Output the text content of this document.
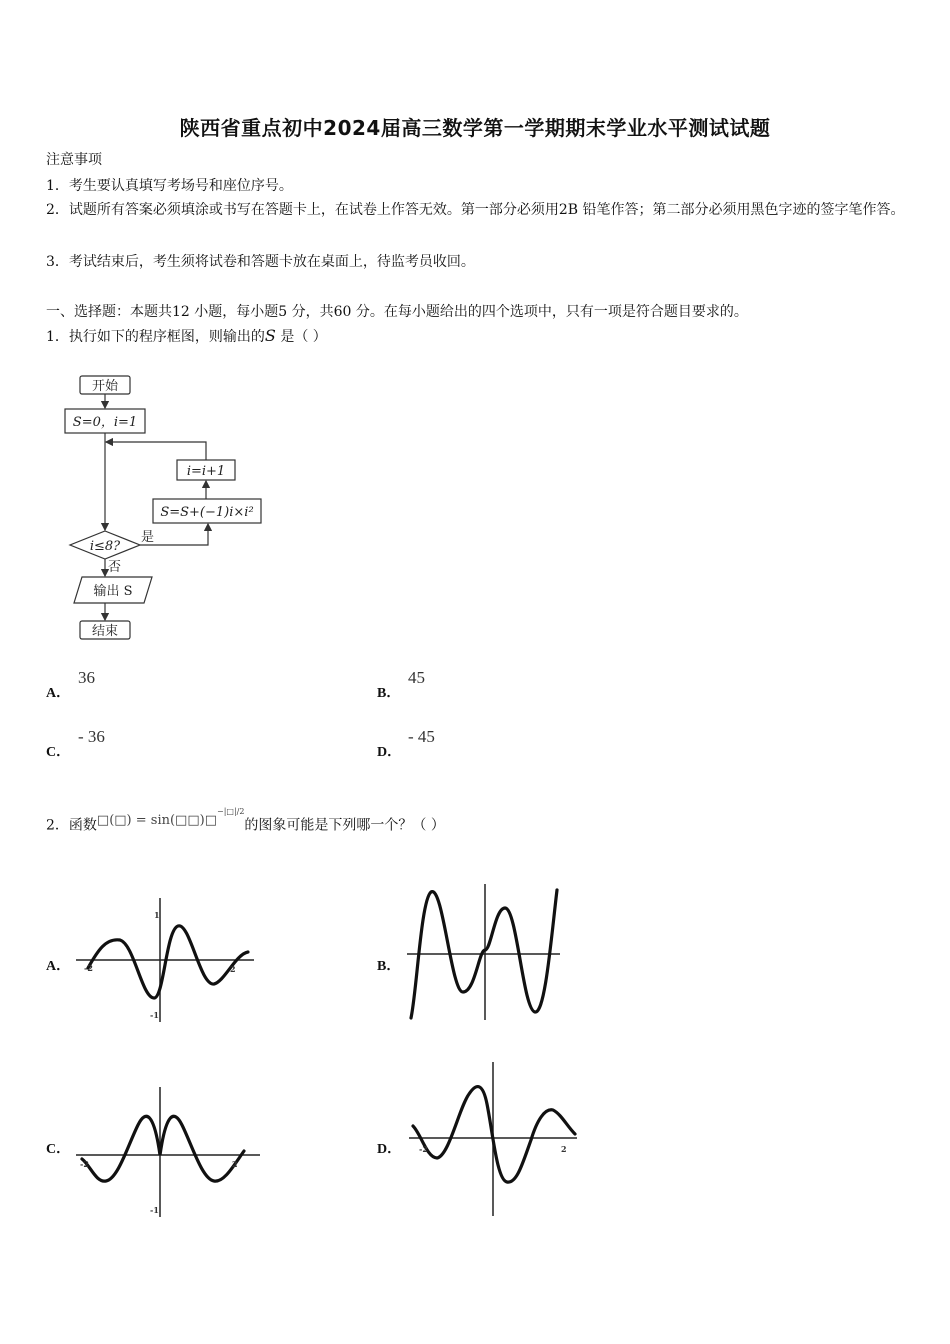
陕西省重点初中2024届高三数学第一学期期末学业水平测试试题
注意事项
1．考生要认真填写考场号和座位序号。
2．试题所有答案必须填涂或书写在答题卡上，在试卷上作答无效。第一部分必须用2B 铅笔作答；第二部分必须用黑色字迹的签字笔作答。
3．考试结束后，考生须将试卷和答题卡放在桌面上，待监考员收回。
一、选择题：本题共12 小题，每小题5 分，共60 分。在每小题给出的四个选项中，只有一项是符合题目要求的。
1．执行如下的程序框图，则输出的S 是（ ）
开始
S=0，i=1
i=i+1
S=S+(−1)i×i²
i≤8?
是
否
输出 S
结束
A．
36
B．
45
C．
- 36
D．
- 45
2．函数□(□) = sin(□□)□$^{-|□|/2}$的图象可能是下列哪一个？（ ）
A．	B．
C．	D．
1
-1
-2	2
-1
-2	2
-2	2
